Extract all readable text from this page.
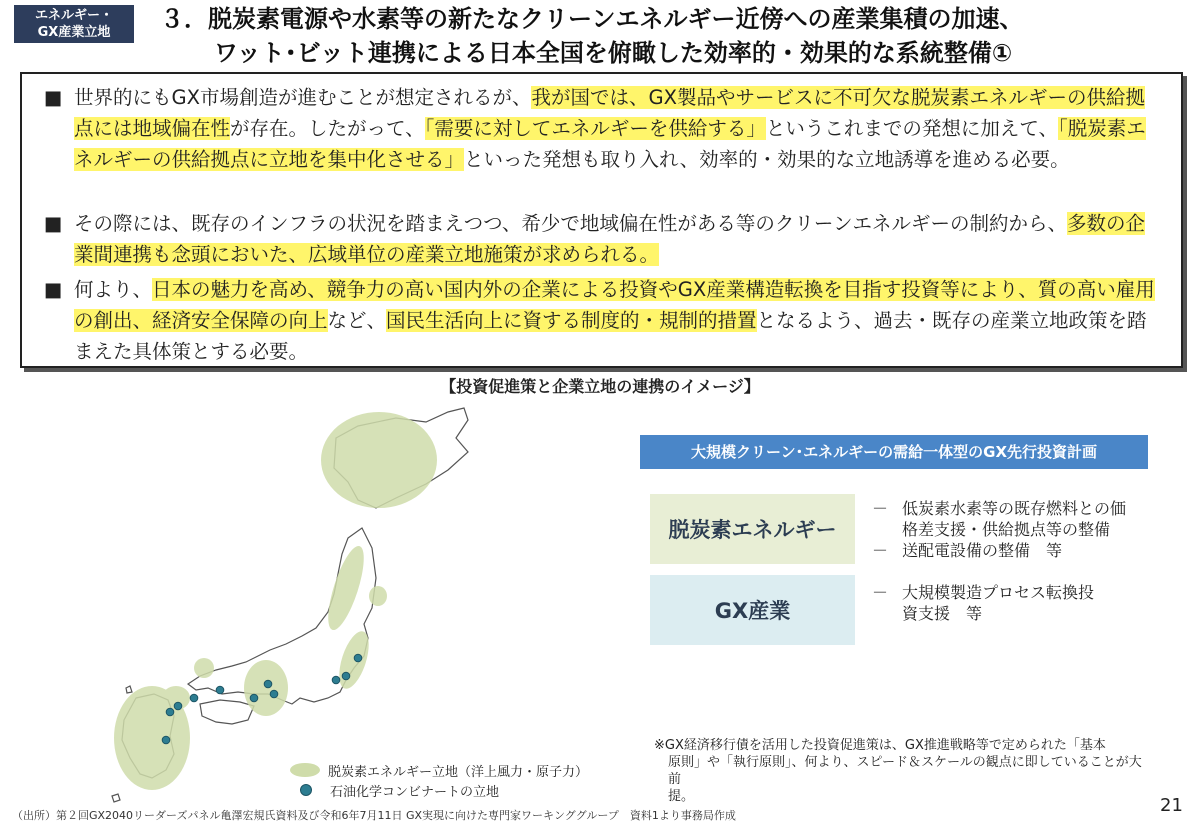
エネルギー・
GX産業立地	３．脱炭素電源や水素等の新たなクリーンエネルギー近傍への産業集積の加速、
ワット･ビット連携による日本全国を俯瞰した効率的・効果的な系統整備①
■ 世界的にもGX市場創造が進むことが想定されるが、我が国では、GX製品やサービスに不可欠な脱炭素エネルギーの供給拠点には地域偏在性が存在。したがって、「需要に対してエネルギーを供給する」というこれまでの発想に加えて、「脱炭素エネルギーの供給拠点に立地を集中化させる」といった発想も取り入れ、効率的・効果的な立地誘導を進める必要。
■ その際には、既存のインフラの状況を踏まえつつ、希少で地域偏在性がある等のクリーンエネルギーの制約から、多数の企業間連携も念頭においた、広域単位の産業立地施策が求められる。
■ 何より、日本の魅力を高め、競争力の高い国内外の企業による投資やGX産業構造転換を目指す投資等により、質の高い雇用の創出、経済安全保障の向上など、国民生活向上に資する制度的・規制的措置となるよう、過去・既存の産業立地政策を踏まえた具体策とする必要。
【投資促進策と企業立地の連携のイメージ】
脱炭素エネルギー立地（洋上風力・原子力）
石油化学コンビナートの立地
大規模クリーン･エネルギーの需給一体型のGX先行投資計画
脱炭素エネルギー
－ 低炭素水素等の既存燃料との価
格差支援・供給拠点等の整備
－ 送配電設備の整備　等
GX産業
－ 大規模製造プロセス転換投
資支援　等
※GX経済移行債を活用した投資促進策は、GX推進戦略等で定められた「基本
原則」や「執行原則」、何より、スピード＆スケールの観点に即していることが大前
提。
（出所）第２回GX2040リーダーズパネル亀澤宏規氏資料及び令和6年7月11日 GX実現に向けた専門家ワーキンググループ　資料1より事務局作成	21
